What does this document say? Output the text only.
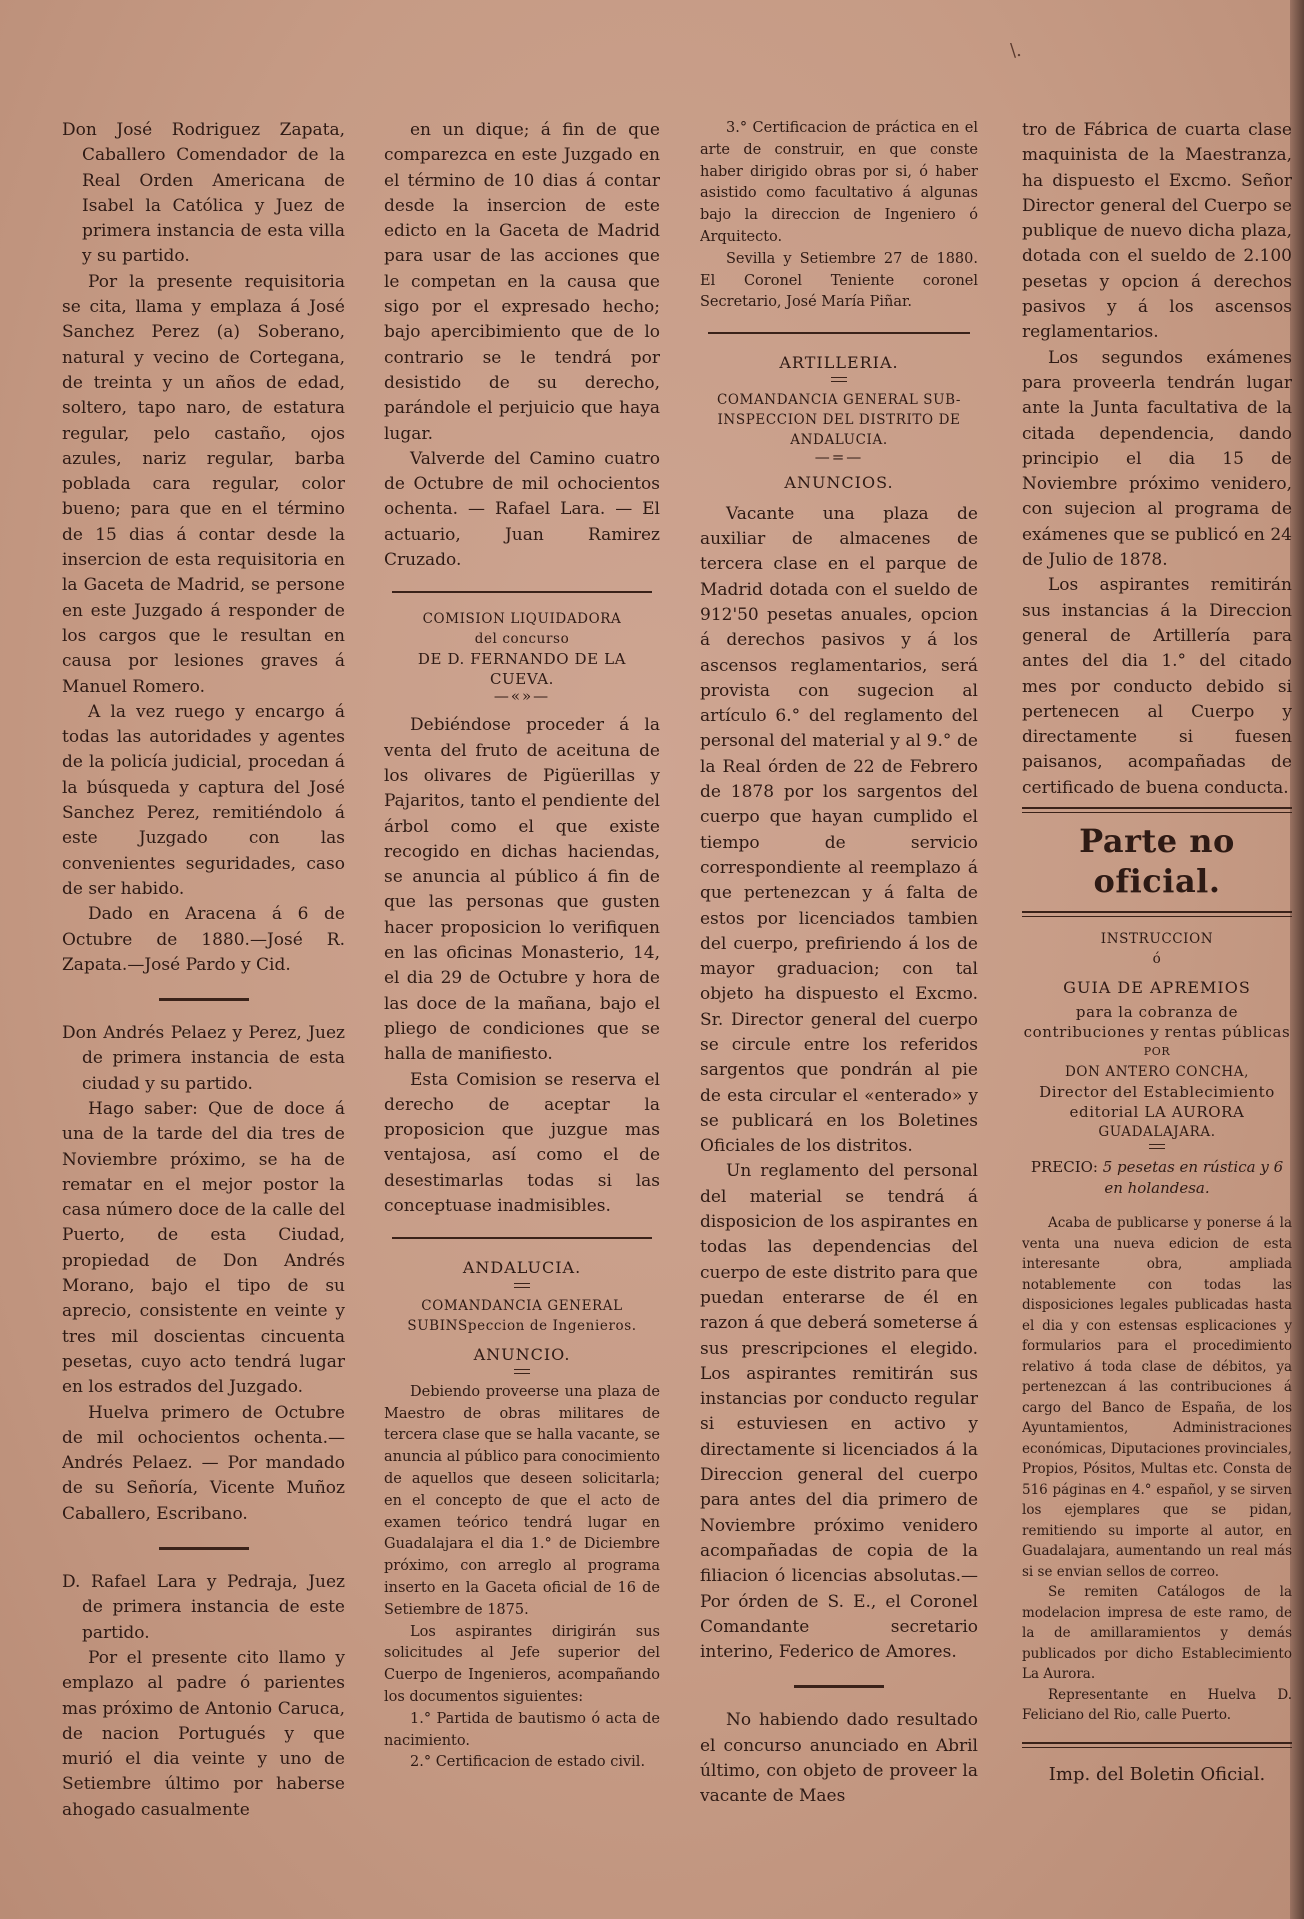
\.

Don José Rodriguez Zapata, Caballero Comendador de la Real Orden Americana de Isabel la Católica y Juez de primera instancia de esta villa y su partido.

Por la presente requisitoria se cita, llama y emplaza á José Sanchez Perez (a) Soberano, natural y vecino de Cortegana, de treinta y un años de edad, soltero, tapo naro, de estatura regular, pelo castaño, ojos azules, nariz regular, barba poblada cara regular, color bueno; para que en el término de 15 dias á contar desde la insercion de esta requisitoria en la Gaceta de Madrid, se persone en este Juzgado á responder de los cargos que le resultan en causa por lesiones graves á Manuel Romero.

A la vez ruego y encargo á todas las autoridades y agentes de la policía judicial, procedan á la búsqueda y captura del José Sanchez Perez, remitiéndolo á este Juzgado con las convenientes seguridades, caso de ser habido.

Dado en Aracena á 6 de Octubre de 1880.—José R. Zapata.—José Pardo y Cid.

Don Andrés Pelaez y Perez, Juez de primera instancia de esta ciudad y su partido.

Hago saber: Que de doce á una de la tarde del dia tres de Noviembre próximo, se ha de rematar en el mejor postor la casa número doce de la calle del Puerto, de esta Ciudad, propiedad de Don Andrés Morano, bajo el tipo de su aprecio, consistente en veinte y tres mil doscientas cincuenta pesetas, cuyo acto tendrá lugar en los estrados del Juzgado.

Huelva primero de Octubre de mil ochocientos ochenta.— Andrés Pelaez. — Por mandado de su Señoría, Vicente Muñoz Caballero, Escribano.

D. Rafael Lara y Pedraja, Juez de primera instancia de este partido.

Por el presente cito llamo y emplazo al padre ó parientes mas próximo de Antonio Caruca, de nacion Portugués y que murió el dia veinte y uno de Setiembre último por haberse ahogado casualmente

en un dique; á fin de que comparezca en este Juzgado en el término de 10 dias á contar desde la insercion de este edicto en la Gaceta de Madrid para usar de las acciones que le competan en la causa que sigo por el expresado hecho; bajo apercibimiento que de lo contrario se le tendrá por desistido de su derecho, parándole el perjuicio que haya lugar.

Valverde del Camino cuatro de Octubre de mil ochocientos ochenta. — Rafael Lara. — El actuario, Juan Ramirez Cruzado.

COMISION LIQUIDADORA
del concurso
DE D. FERNANDO DE LA CUEVA.
—«»—

Debiéndose proceder á la venta del fruto de aceituna de los olivares de Pigüerillas y Pajaritos, tanto el pendiente del árbol como el que existe recogido en dichas haciendas, se anuncia al público á fin de que las personas que gusten hacer proposicion lo verifiquen en las oficinas Monasterio, 14, el dia 29 de Octubre y hora de las doce de la mañana, bajo el pliego de condiciones que se halla de manifiesto.

Esta Comision se reserva el derecho de aceptar la proposicion que juzgue mas ventajosa, así como el de desestimarlas todas si las conceptuase inadmisibles.

ANDALUCIA.
COMANDANCIA GENERAL SUBINSpeccion de Ingenieros.
ANUNCIO.

Debiendo proveerse una plaza de Maestro de obras militares de tercera clase que se halla vacante, se anuncia al público para conocimiento de aquellos que deseen solicitarla; en el concepto de que el acto de examen teórico tendrá lugar en Guadalajara el dia 1.° de Diciembre próximo, con arreglo al programa inserto en la Gaceta oficial de 16 de Setiembre de 1875.

Los aspirantes dirigirán sus solicitudes al Jefe superior del Cuerpo de Ingenieros, acompañando los documentos siguientes:

1.° Partida de bautismo ó acta de nacimiento.

2.° Certificacion de estado civil.

3.° Certificacion de práctica en el arte de construir, en que conste haber dirigido obras por si, ó haber asistido como facultativo á algunas bajo la direccion de Ingeniero ó Arquitecto.

Sevilla y Setiembre 27 de 1880. El Coronel Teniente coronel Secretario, José María Piñar.

ARTILLERIA.
COMANDANCIA GENERAL SUB-INSPECCION DEL DISTRITO DE ANDALUCIA.
—=—
ANUNCIOS.

Vacante una plaza de auxiliar de almacenes de tercera clase en el parque de Madrid dotada con el sueldo de 912'50 pesetas anuales, opcion á derechos pasivos y á los ascensos reglamentarios, será provista con sugecion al artículo 6.° del reglamento del personal del material y al 9.° de la Real órden de 22 de Febrero de 1878 por los sargentos del cuerpo que hayan cumplido el tiempo de servicio correspondiente al reemplazo á que pertenezcan y á falta de estos por licenciados tambien del cuerpo, prefiriendo á los de mayor graduacion; con tal objeto ha dispuesto el Excmo. Sr. Director general del cuerpo se circule entre los referidos sargentos que pondrán al pie de esta circular el «enterado» y se publicará en los Boletines Oficiales de los distritos.

Un reglamento del personal del material se tendrá á disposicion de los aspirantes en todas las dependencias del cuerpo de este distrito para que puedan enterarse de él en razon á que deberá someterse á sus prescripciones el elegido. Los aspirantes remitirán sus instancias por conducto regular si estuviesen en activo y directamente si licenciados á la Direccion general del cuerpo para antes del dia primero de Noviembre próximo venidero acompañadas de copia de la filiacion ó licencias absolutas.— Por órden de S. E., el Coronel Comandante secretario interino, Federico de Amores.

No habiendo dado resultado el concurso anunciado en Abril último, con objeto de proveer la vacante de Maes

tro de Fábrica de cuarta clase maquinista de la Maestranza, ha dispuesto el Excmo. Señor Director general del Cuerpo se publique de nuevo dicha plaza, dotada con el sueldo de 2.100 pesetas y opcion á derechos pasivos y á los ascensos reglamentarios.

Los segundos exámenes para proveerla tendrán lugar ante la Junta facultativa de la citada dependencia, dando principio el dia 15 de Noviembre próximo venidero, con sujecion al programa de exámenes que se publicó en 24 de Julio de 1878.

Los aspirantes remitirán sus instancias á la Direccion general de Artillería para antes del dia 1.° del citado mes por conducto debido si pertenecen al Cuerpo y directamente si fuesen paisanos, acompañadas de certificado de buena conducta.

Parte no oficial.
INSTRUCCION
ó
GUIA DE APREMIOS
para la cobranza de contribuciones y rentas públicas
POR
DON ANTERO CONCHA,
Director del Establecimiento editorial LA AURORA
GUADALAJARA.

PRECIO: 5 pesetas en rústica y 6 en holandesa.

Acaba de publicarse y ponerse á la venta una nueva edicion de esta interesante obra, ampliada notablemente con todas las disposiciones legales publicadas hasta el dia y con estensas esplicaciones y formularios para el procedimiento relativo á toda clase de débitos, ya pertenezcan á las contribuciones á cargo del Banco de España, de los Ayuntamientos, Administraciones económicas, Diputaciones provinciales, Propios, Pósitos, Multas etc. Consta de 516 páginas en 4.° español, y se sirven los ejemplares que se pidan, remitiendo su importe al autor, en Guadalajara, aumentando un real más si se envian sellos de correo.

Se remiten Catálogos de la modelacion impresa de este ramo, de la de amillaramientos y demás publicados por dicho Establecimiento La Aurora.

Representante en Huelva D. Feliciano del Rio, calle Puerto.

Imp. del Boletin Oficial.
